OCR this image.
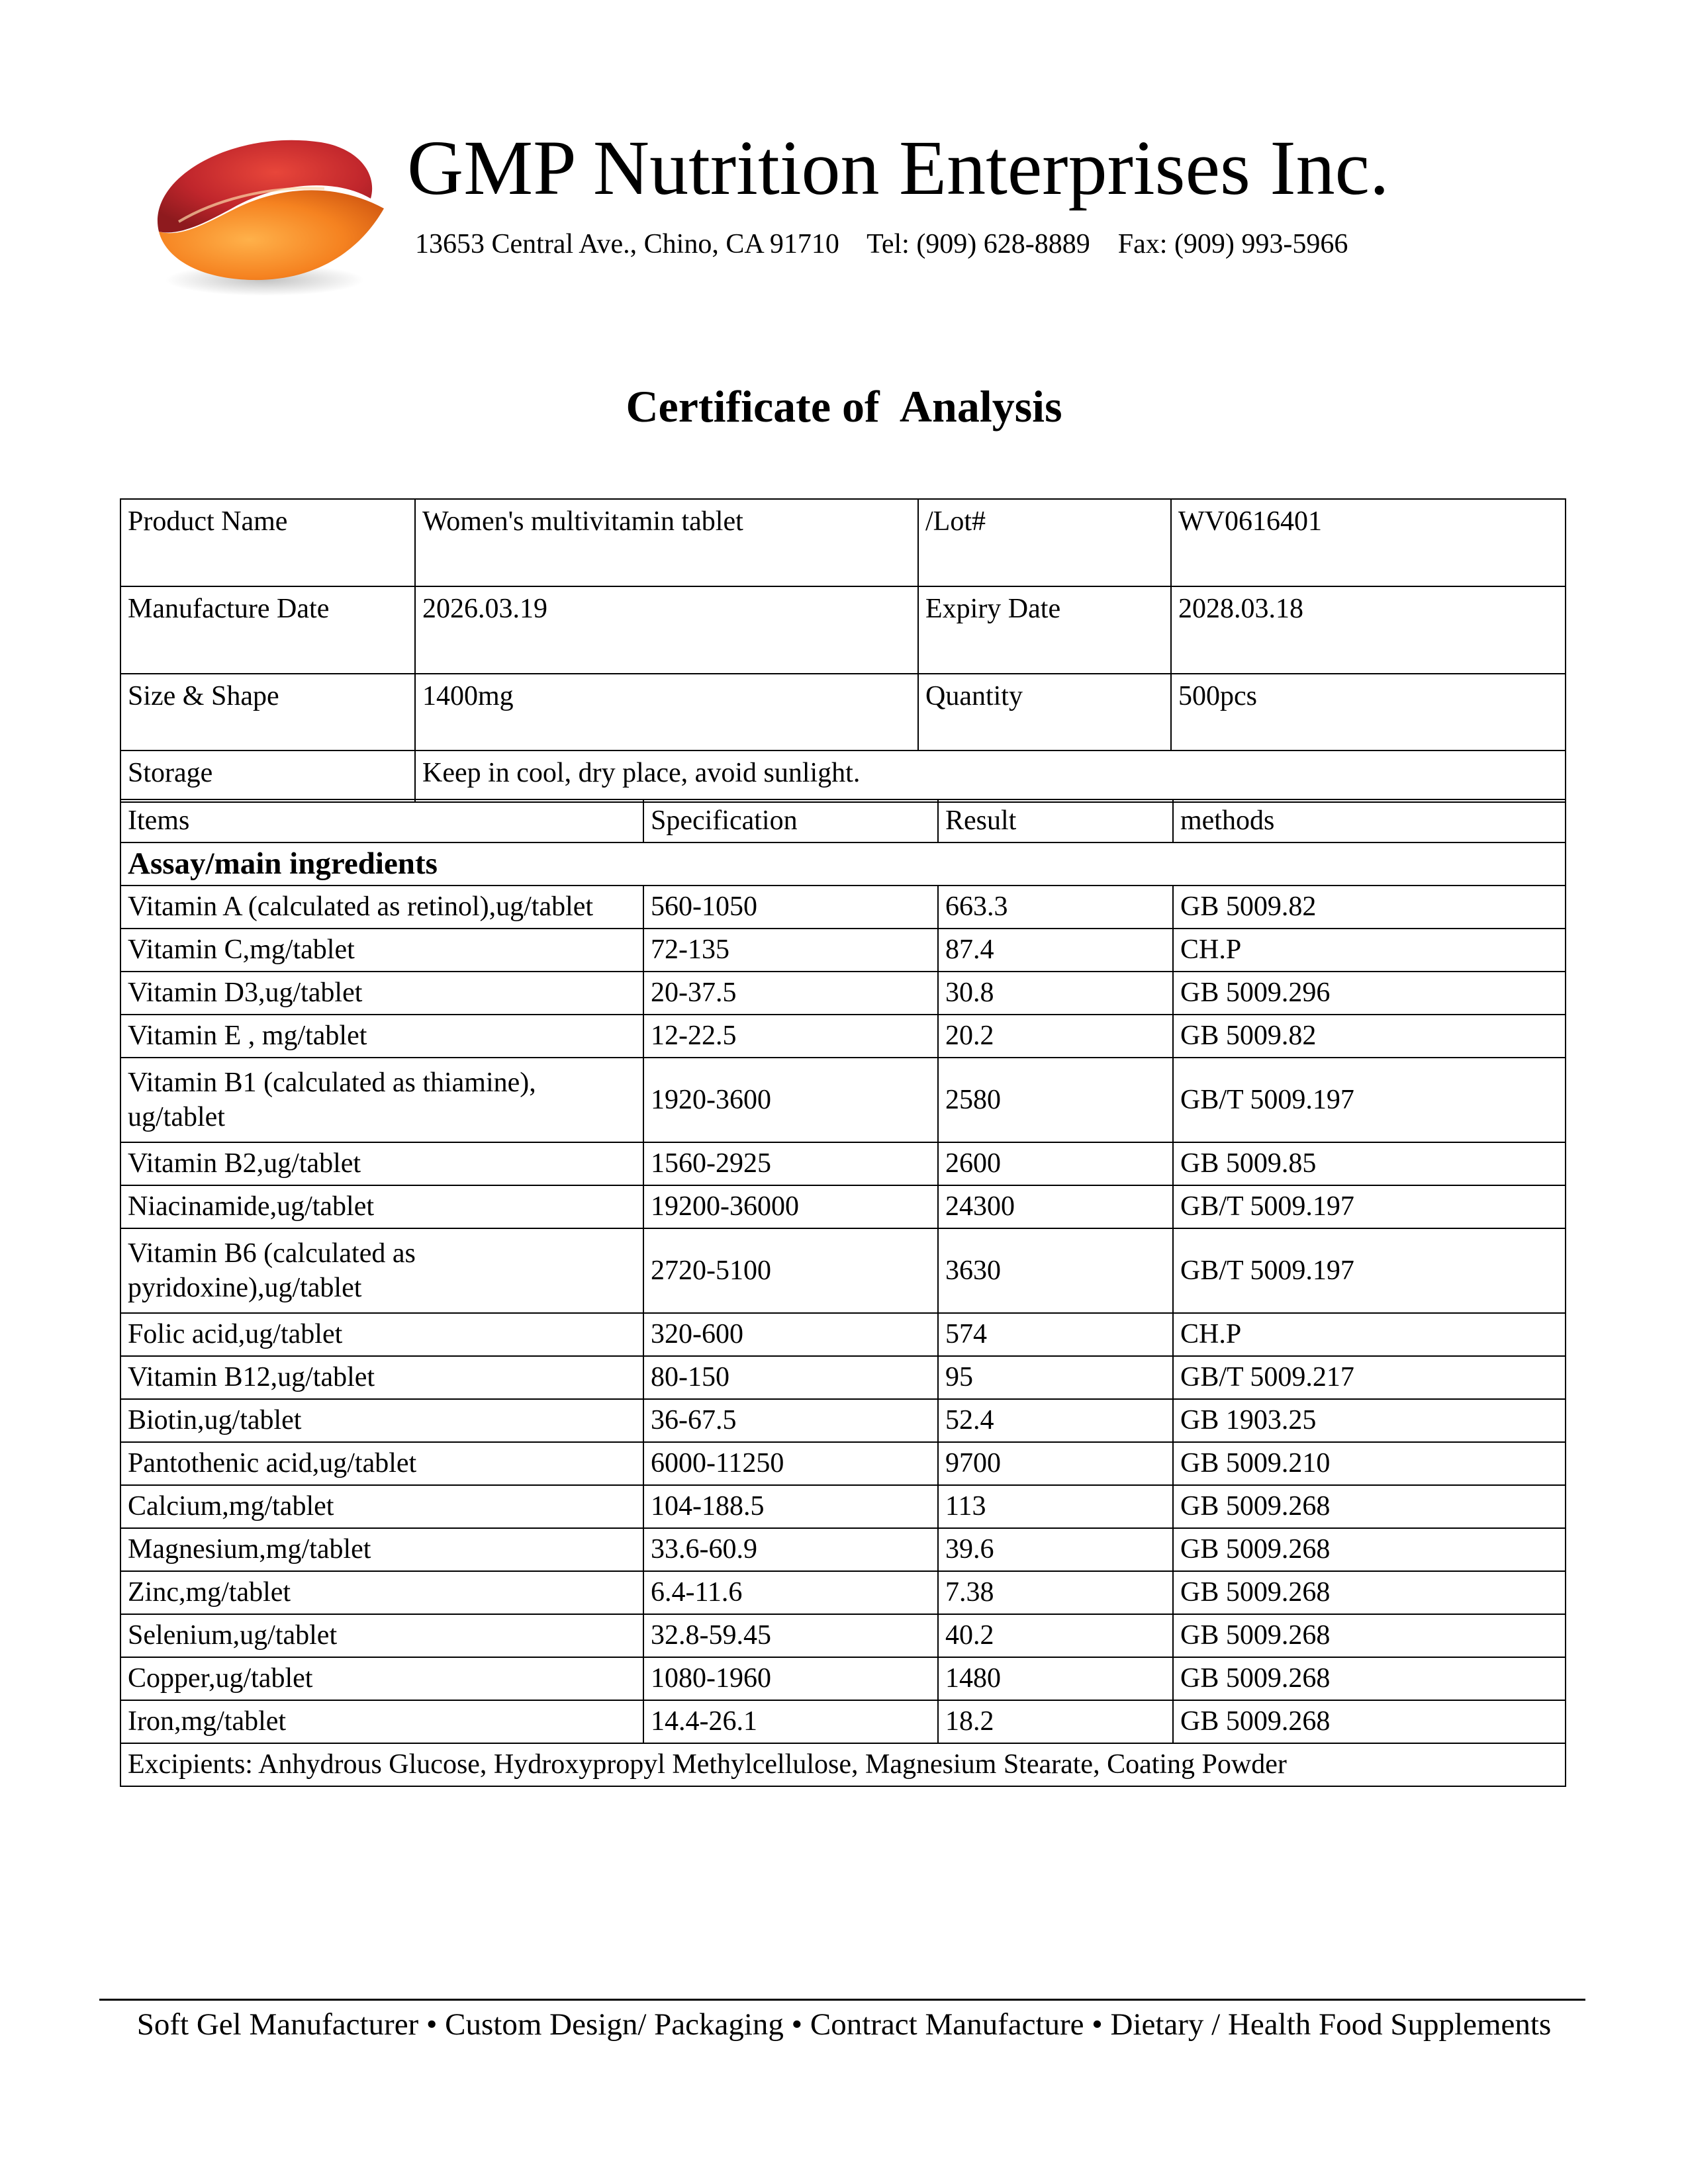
GMP Nutrition Enterprises Inc.
13653 Central Ave., Chino, CA 91710    Tel: (909) 628-8889    Fax: (909) 993-5966
Certificate of  Analysis
Product Name	Women's multivitamin tablet	/Lot#	WV0616401
Manufacture Date	2026.03.19	Expiry Date	2028.03.18
Size & Shape	1400mg	Quantity	500pcs
Storage	Keep in cool, dry place, avoid sunlight.		
Items	Specification	Result	methods
Assay/main ingredients			
Vitamin A (calculated as retinol),ug/tablet	560-1050	663.3	GB 5009.82
Vitamin C,mg/tablet	72-135	87.4	CH.P
Vitamin D3,ug/tablet	20-37.5	30.8	GB 5009.296
Vitamin E , mg/tablet	12-22.5	20.2	GB 5009.82
Vitamin B1 (calculated as thiamine), ug/tablet	1920-3600	2580	GB/T 5009.197
Vitamin B2,ug/tablet	1560-2925	2600	GB 5009.85
Niacinamide,ug/tablet	19200-36000	24300	GB/T 5009.197
Vitamin B6 (calculated as pyridoxine),ug/tablet	2720-5100	3630	GB/T 5009.197
Folic acid,ug/tablet	320-600	574	CH.P
Vitamin B12,ug/tablet	80-150	95	GB/T 5009.217
Biotin,ug/tablet	36-67.5	52.4	GB 1903.25
Pantothenic acid,ug/tablet	6000-11250	9700	GB 5009.210
Calcium,mg/tablet	104-188.5	113	GB 5009.268
Magnesium,mg/tablet	33.6-60.9	39.6	GB 5009.268
Zinc,mg/tablet	6.4-11.6	7.38	GB 5009.268
Selenium,ug/tablet	32.8-59.45	40.2	GB 5009.268
Copper,ug/tablet	1080-1960	1480	GB 5009.268
Iron,mg/tablet	14.4-26.1	18.2	GB 5009.268
Excipients: Anhydrous Glucose, Hydroxypropyl Methylcellulose, Magnesium Stearate, Coating Powder			
Soft Gel Manufacturer • Custom Design/ Packaging • Contract Manufacture • Dietary / Health Food Supplements
